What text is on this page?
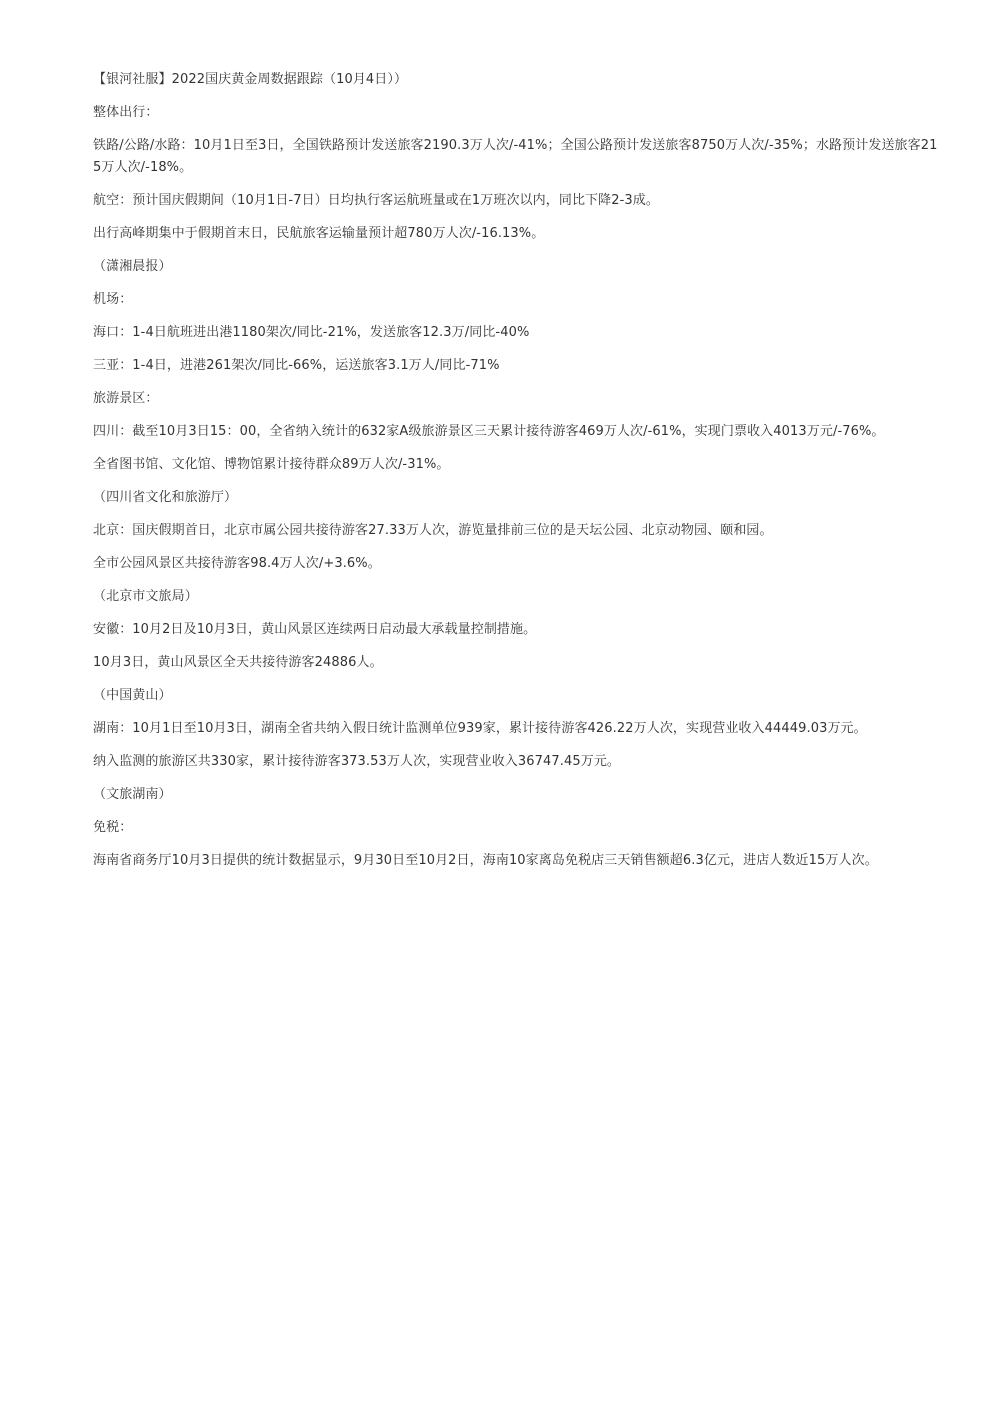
【银河社服】2022国庆黄金周数据跟踪（10月4日））

整体出行：

铁路/公路/水路：10月1日至3日，全国铁路预计发送旅客2190.3万人次/-41%；全国公路预计发送旅客8750万人次/-35%；水路预计发送旅客215万人次/-18%。

航空：预计国庆假期间（10月1日-7日）日均执行客运航班量或在1万班次以内，同比下降2-3成。

出行高峰期集中于假期首末日，民航旅客运输量预计超780万人次/-16.13%。

（潇湘晨报）

机场：

海口：1-4日航班进出港1180架次/同比-21%，发送旅客12.3万/同比-40%

三亚：1-4日，进港261架次/同比-66%，运送旅客3.1万人/同比-71%

旅游景区：

四川：截至10月3日15：00，全省纳入统计的632家A级旅游景区三天累计接待游客469万人次/-61%，实现门票收入4013万元/-76%。

全省图书馆、文化馆、博物馆累计接待群众89万人次/-31%。

（四川省文化和旅游厅）

北京：国庆假期首日，北京市属公园共接待游客27.33万人次，游览量排前三位的是天坛公园、北京动物园、颐和园。

全市公园风景区共接待游客98.4万人次/+3.6%。

（北京市文旅局）

安徽：10月2日及10月3日，黄山风景区连续两日启动最大承载量控制措施。

10月3日，黄山风景区全天共接待游客24886人。

（中国黄山）

湖南：10月1日至10月3日，湖南全省共纳入假日统计监测单位939家，累计接待游客426.22万人次，实现营业收入44449.03万元。

纳入监测的旅游区共330家，累计接待游客373.53万人次，实现营业收入36747.45万元。

（文旅湖南）

免税：

海南省商务厅10月3日提供的统计数据显示，9月30日至10月2日，海南10家离岛免税店三天销售额超6.3亿元，进店人数近15万人次。
